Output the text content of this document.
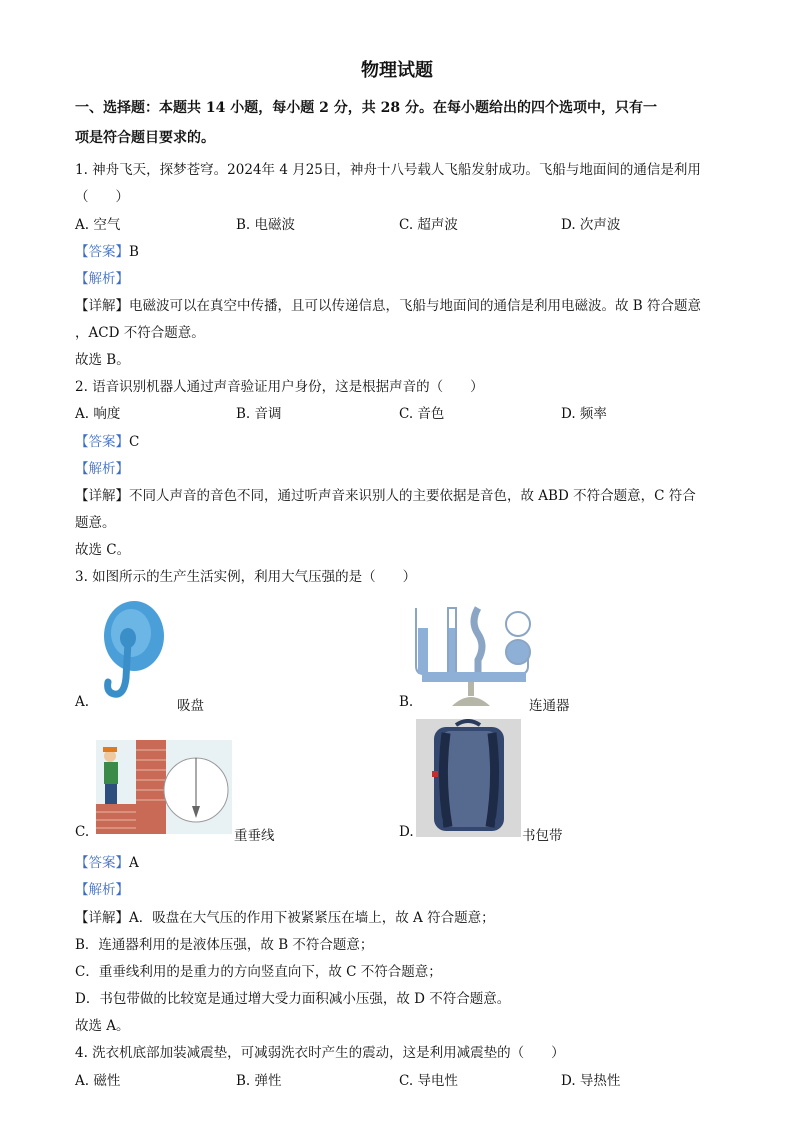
物理试题
一、选择题：本题共 14 小题，每小题 2 分，共 28 分。在每小题给出的四个选项中，只有一
项是符合题目要求的。
1. 神舟飞天，探梦苍穹。2024年 4 月25日，神舟十八号载人飞船发射成功。飞船与地面间的通信是利用
（　　）
A. 空气	B. 电磁波	C. 超声波	D. 次声波
【答案】B
【解析】
【详解】电磁波可以在真空中传播，且可以传递信息，飞船与地面间的通信是利用电磁波。故 B 符合题意
，ACD 不符合题意。
故选 B。
2. 语音识别机器人通过声音验证用户身份，这是根据声音的（　　）
A. 响度	B. 音调	C. 音色	D. 频率
【答案】C
【解析】
【详解】不同人声音的音色不同，通过听声音来识别人的主要依据是音色，故 ABD 不符合题意，C 符合
题意。
故选 C。
3. 如图所示的生产生活实例，利用大气压强的是（　　）
A.	吸盘	B.	连通器
C.	重垂线	D.	书包带
【答案】A
【解析】
【详解】A．吸盘在大气压的作用下被紧紧压在墙上，故 A 符合题意；
B．连通器利用的是液体压强，故 B 不符合题意；
C．重垂线利用的是重力的方向竖直向下，故 C 不符合题意；
D．书包带做的比较宽是通过增大受力面积减小压强，故 D 不符合题意。
故选 A。
4. 洗衣机底部加装减震垫，可减弱洗衣时产生的震动，这是利用减震垫的（　　）
A. 磁性	B. 弹性	C. 导电性	D. 导热性
